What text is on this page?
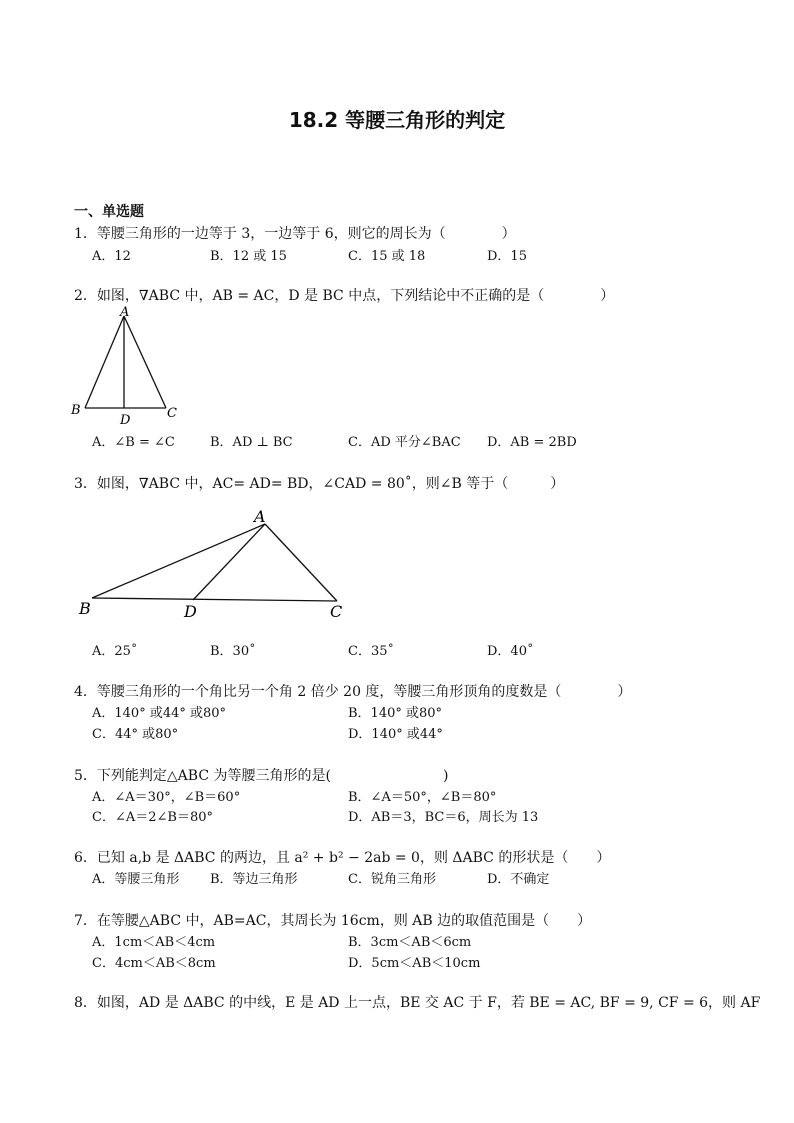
18.2 等腰三角形的判定
一、单选题
1．等腰三角形的一边等于 3，一边等于 6，则它的周长为（　　　　）
A．12	B．12 或 15	C．15 或 18	D．15
2．如图，∇ABC 中，AB = AC，D 是 BC 中点，下列结论中不正确的是（　　　　）
A
B	C
D
A．∠B = ∠C	B．AD ⊥ BC	C．AD 平分∠BAC D．AB = 2BD
3．如图，∇ABC 中，AC= AD= BD，∠CAD = 80˚，则∠B 等于（　　　）
A
B	D	C
A．25˚	B．30˚	C．35˚	D．40˚
4．等腰三角形的一个角比另一个角 2 倍少 20 度，等腰三角形顶角的度数是（　　　　）
A．140° 或44° 或80°	B．140° 或80°
C．44° 或80°	D．140° 或44°
5．下列能判定△ABC 为等腰三角形的是(　　　　　　　　)
A．∠A＝30°，∠B＝60°	B．∠A＝50°，∠B＝80°
C．∠A＝2∠B＝80°	D．AB＝3，BC＝6，周长为 13
6．已知 a,b 是 ΔABC 的两边，且 a² + b² − 2ab = 0，则 ΔABC 的形状是（　　）
A．等腰三角形 B．等边三角形	C．锐角三角形	D．不确定
7．在等腰△ABC 中，AB=AC，其周长为 16cm，则 AB 边的取值范围是（　　）
A．1cm＜AB＜4cm	B．3cm＜AB＜6cm
C．4cm＜AB＜8cm	D．5cm＜AB＜10cm
8．如图，AD 是 ΔABC 的中线，E 是 AD 上一点，BE 交 AC 于 F，若 BE = AC, BF = 9, CF = 6，则 AF
